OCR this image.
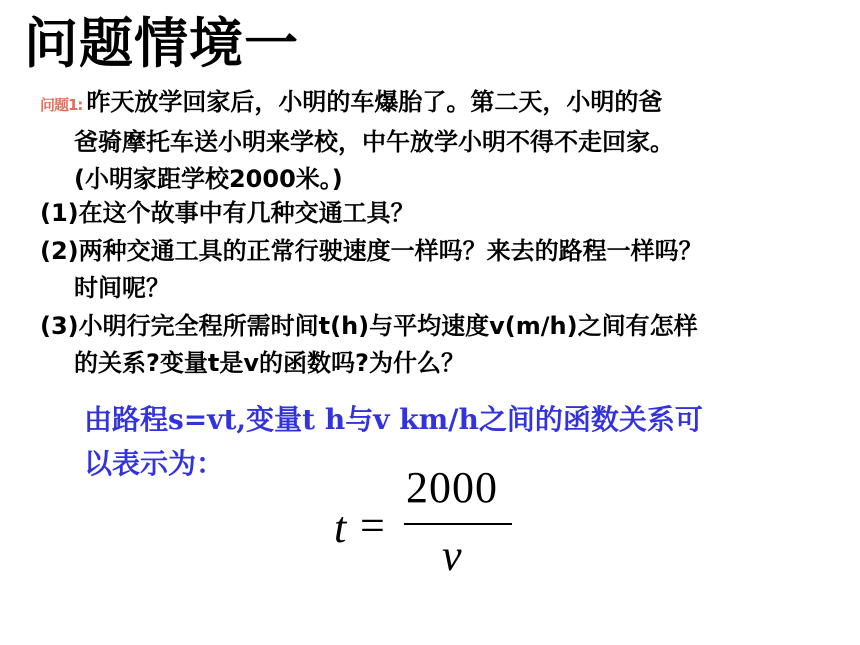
问题情境一
问题1: 昨天放学回家后，小明的车爆胎了。第二天，小明的爸
爸骑摩托车送小明来学校，中午放学小明不得不走回家。
(小明家距学校2000米。)
(1)在这个故事中有几种交通工具？
(2)两种交通工具的正常行驶速度一样吗？来去的路程一样吗？
时间呢？
(3)小明行完全程所需时间t(h)与平均速度v(m/h)之间有怎样
的关系?变量t是v的函数吗?为什么？
由路程s=vt,变量t h与v km/h之间的函数关系可
以表示为：
t =
2000
v
